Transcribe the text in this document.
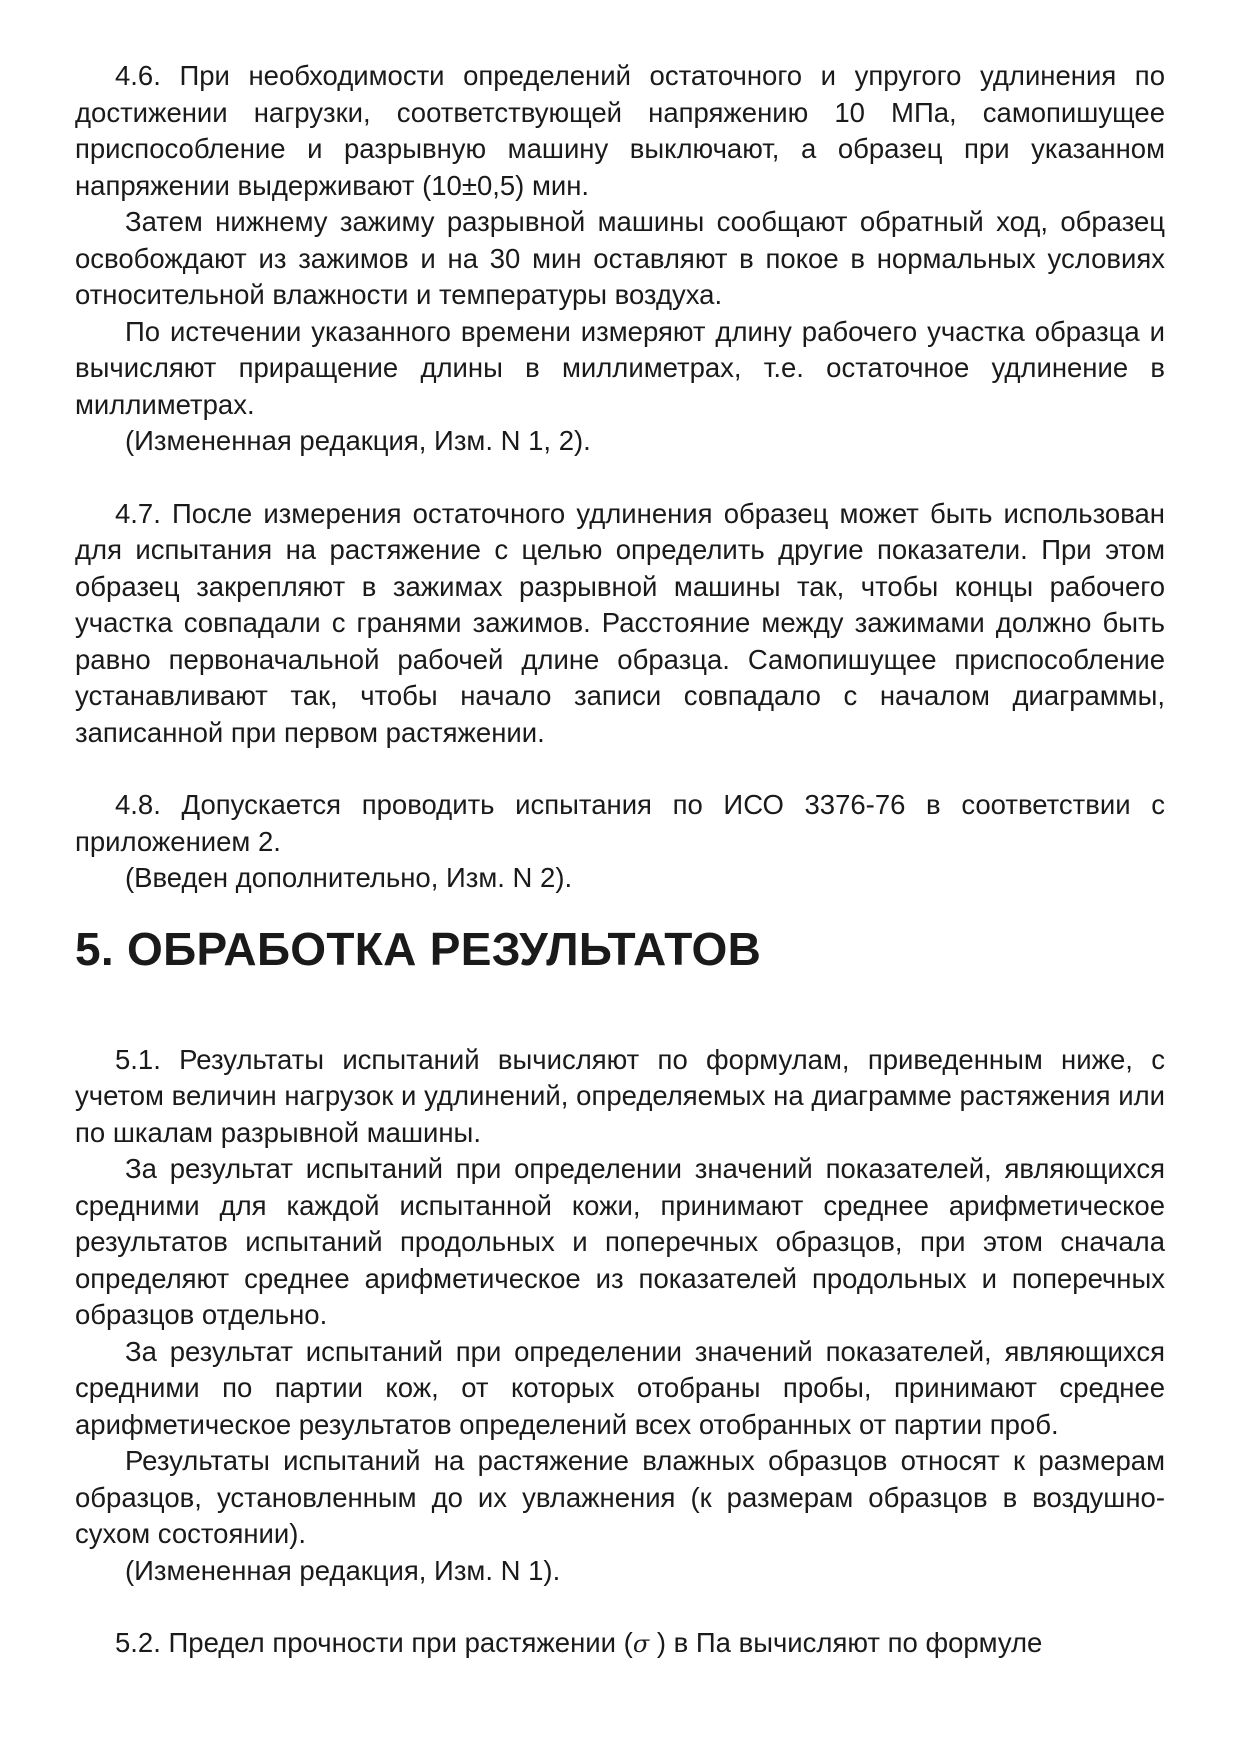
4.6. При необходимости определений остаточного и упругого удлинения по достижении нагрузки, соответствующей напряжению 10 МПа, самопишущее приспособление и разрывную машину выключают, а образец при указанном напряжении выдерживают (10±0,5) мин.

Затем нижнему зажиму разрывной машины сообщают обратный ход, образец освобождают из зажимов и на 30 мин оставляют в покое в нормальных условиях относительной влажности и температуры воздуха.

По истечении указанного времени измеряют длину рабочего участка образца и вычисляют приращение длины в миллиметрах, т.е. остаточное удлинение в миллиметрах.

(Измененная редакция, Изм. N 1, 2).

4.7. После измерения остаточного удлинения образец может быть использован для испытания на растяжение с целью определить другие показатели. При этом образец закрепляют в зажимах разрывной машины так, чтобы концы рабочего участка совпадали с гранями зажимов. Расстояние между зажимами должно быть равно первоначальной рабочей длине образца. Самопишущее приспособление устанавливают так, чтобы начало записи совпадало с началом диаграммы, записанной при первом растяжении.

4.8. Допускается проводить испытания по ИСО 3376-76 в соответствии с приложением 2.

(Введен дополнительно, Изм. N 2).

5. ОБРАБОТКА РЕЗУЛЬТАТОВ

5.1. Результаты испытаний вычисляют по формулам, приведенным ниже, с учетом величин нагрузок и удлинений, определяемых на диаграмме растяжения или по шкалам разрывной машины.

За результат испытаний при определении значений показателей, являющихся средними для каждой испытанной кожи, принимают среднее арифметическое результатов испытаний продольных и поперечных образцов, при этом сначала определяют среднее арифметическое из показателей продольных и поперечных образцов отдельно.

За результат испытаний при определении значений показателей, являющихся средними по партии кож, от которых отобраны пробы, принимают среднее арифметическое результатов определений всех отобранных от партии проб.

Результаты испытаний на растяжение влажных образцов относят к размерам образцов, установленным до их увлажнения (к размерам образцов в воздушно-сухом состоянии).

(Измененная редакция, Изм. N 1).

5.2. Предел прочности при растяжении (σ ) в Па вычисляют по формуле
